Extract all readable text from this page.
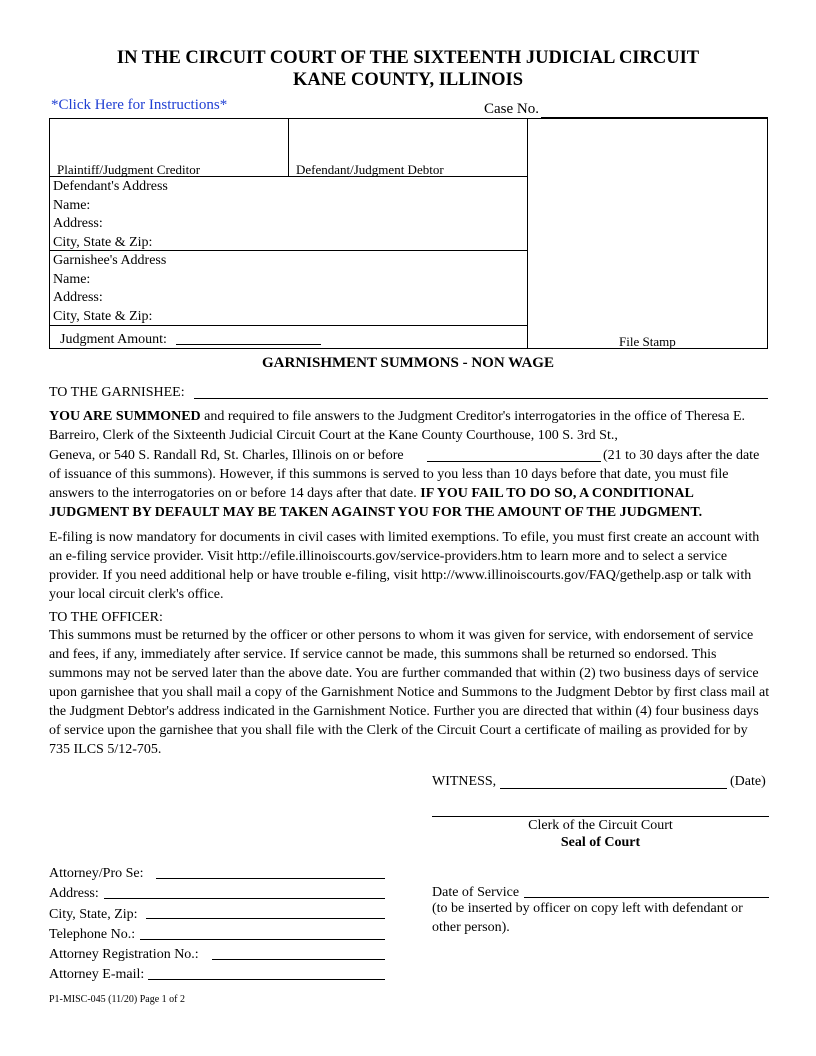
IN THE CIRCUIT COURT OF THE SIXTEENTH JUDICIAL CIRCUIT
KANE COUNTY, ILLINOIS
*Click Here for Instructions*	Case No.
Plaintiff/Judgment Creditor	Defendant/Judgment Debtor
Defendant's Address
Name:
Address:
City, State & Zip:
Garnishee's Address
Name:
Address:
City, State & Zip:
Judgment Amount:	File Stamp
GARNISHMENT SUMMONS - NON WAGE
TO THE GARNISHEE:
YOU ARE SUMMONED and required to file answers to the Judgment Creditor's interrogatories in the office of Theresa E. Barreiro, Clerk of the Sixteenth Judicial Circuit Court at the Kane County Courthouse, 100 S. 3rd St.,
Geneva, or 540 S. Randall Rd, St. Charles, Illinois on or before	(21 to 30 days after the date
of issuance of this summons). However, if this summons is served to you less than 10 days before that date, you must file answers to the interrogatories on or before 14 days after that date. IF YOU FAIL TO DO SO, A CONDITIONAL JUDGMENT BY DEFAULT MAY BE TAKEN AGAINST YOU FOR THE AMOUNT OF THE JUDGMENT.
E-filing is now mandatory for documents in civil cases with limited exemptions. To efile, you must first create an account with an e-filing service provider. Visit http://efile.illinoiscourts.gov/service-providers.htm to learn more and to select a service provider. If you need additional help or have trouble e-filing, visit http://www.illinoiscourts.gov/FAQ/gethelp.asp or talk with your local circuit clerk's office.
TO THE OFFICER:
This summons must be returned by the officer or other persons to whom it was given for service, with endorsement of service and fees, if any, immediately after service. If service cannot be made, this summons shall be returned so endorsed. This summons may not be served later than the above date. You are further commanded that within (2) two business days of service upon garnishee that you shall mail a copy of the Garnishment Notice and Summons to the Judgment Debtor by first class mail at the Judgment Debtor's address indicated in the Garnishment Notice. Further you are directed that within (4) four business days of service upon the garnishee that you shall file with the Clerk of the Circuit Court a certificate of mailing as provided for by 735 ILCS 5/12-705.
WITNESS,	(Date)
Clerk of the Circuit Court
Seal of Court
Attorney/Pro Se:
Address:
City, State, Zip:
Telephone No.:
Attorney Registration No.:
Attorney E-mail:
Date of Service
(to be inserted by officer on copy left with defendant or other person).
P1-MISC-045 (11/20) Page 1 of 2
